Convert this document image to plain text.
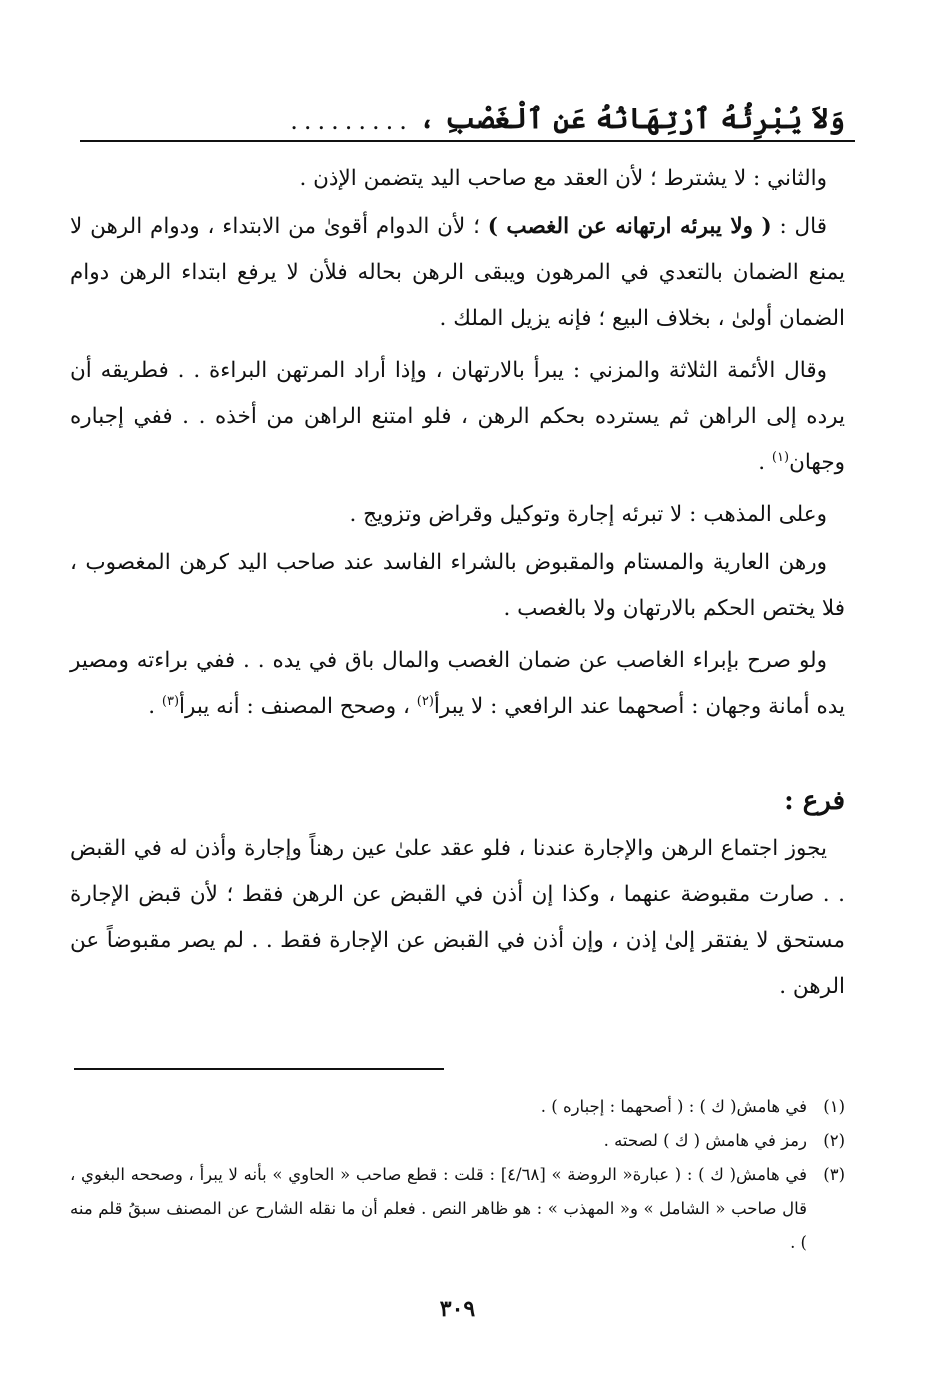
وَلاَ يُبْرِئُهُ ٱرْتِهَانُهُ عَنِ ٱلْغَصْبِ ،
.........

والثاني : لا يشترط ؛ لأن العقد مع صاحب اليد يتضمن الإذن .

قال : ( ولا يبرئه ارتهانه عن الغصب ) ؛ لأن الدوام أقوىٰ من الابتداء ، ودوام الرهن لا يمنع الضمان بالتعدي في المرهون ويبقى الرهن بحاله فلأن لا يرفع ابتداء الرهن دوام الضمان أولىٰ ، بخلاف البيع ؛ فإنه يزيل الملك .

وقال الأئمة الثلاثة والمزني : يبرأ بالارتهان ، وإذا أراد المرتهن البراءة . . فطريقه أن يرده إلى الراهن ثم يسترده بحكم الرهن ، فلو امتنع الراهن من أخذه . . ففي إجباره وجهان$^{(١)}$ .

وعلى المذهب : لا تبرئه إجارة وتوكيل وقراض وتزويج .

ورهن العارية والمستام والمقبوض بالشراء الفاسد عند صاحب اليد كرهن المغصوب ، فلا يختص الحكم بالارتهان ولا بالغصب .

ولو صرح بإبراء الغاصب عن ضمان الغصب والمال باق في يده . . ففي براءته ومصير يده أمانة وجهان : أصحهما عند الرافعي : لا يبرأ$^{(٢)}$ ، وصحح المصنف : أنه يبرأ$^{(٣)}$ .

فرع :

يجوز اجتماع الرهن والإجارة عندنا ، فلو عقد علىٰ عين رهناً وإجارة وأذن له في القبض . . صارت مقبوضة عنهما ، وكذا إن أذن في القبض عن الرهن فقط ؛ لأن قبض الإجارة مستحق لا يفتقر إلىٰ إذن ، وإن أذن في القبض عن الإجارة فقط . . لم يصر مقبوضاً عن الرهن .

(١)
في هامش( ك ) : ( أصحهما : إجباره ) .
(٢)
رمز في هامش ( ك ) لصحته .
(٣)
في هامش( ك ) : ( عبارة« الروضة » [٤/٦٨] : قلت : قطع صاحب « الحاوي » بأنه لا يبرأ ، وصححه البغوي ، قال صاحب « الشامل » و« المهذب » : هو ظاهر النص . فعلم أن ما نقله الشارح عن المصنف سبقُ قلم منه ) .
٣٠٩
